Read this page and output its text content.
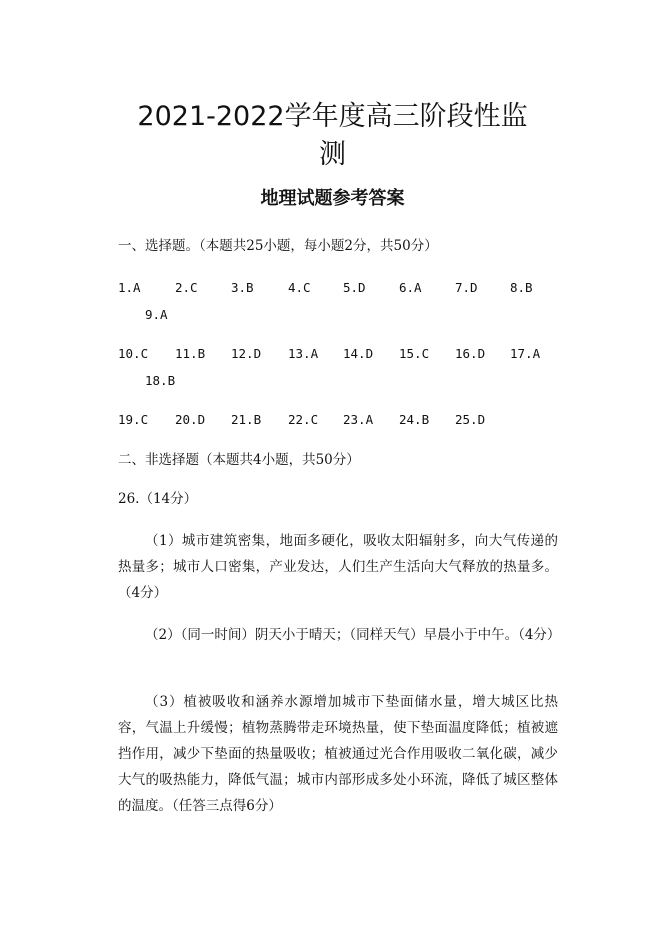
2021-2022学年度高三阶段性监
测
地理试题参考答案
一、选择题。（本题共25小题，每小题2分，共50分）
1.A	2.C	3.B	4.C	5.D	6.A	7.D	8.B
9.A
10.C 11.B 12.D 13.A 14.D 15.C 16.D 17.A
18.B
19.C 20.D 21.B 22.C 23.A 24.B 25.D
二、非选择题（本题共4小题，共50分）
26.（14分）
（1）城市建筑密集，地面多硬化，吸收太阳辐射多，向大气传递的热量多；城市人口密集，产业发达，人们生产生活向大气释放的热量多。（4分）
（2）（同一时间）阴天小于晴天；（同样天气）早晨小于中午。（4分）
（3）植被吸收和涵养水源增加城市下垫面储水量，增大城区比热容，气温上升缓慢；植物蒸腾带走环境热量，使下垫面温度降低；植被遮挡作用，减少下垫面的热量吸收；植被通过光合作用吸收二氧化碳，减少大气的吸热能力，降低气温；城市内部形成多处小环流，降低了城区整体的温度。（任答三点得6分）
